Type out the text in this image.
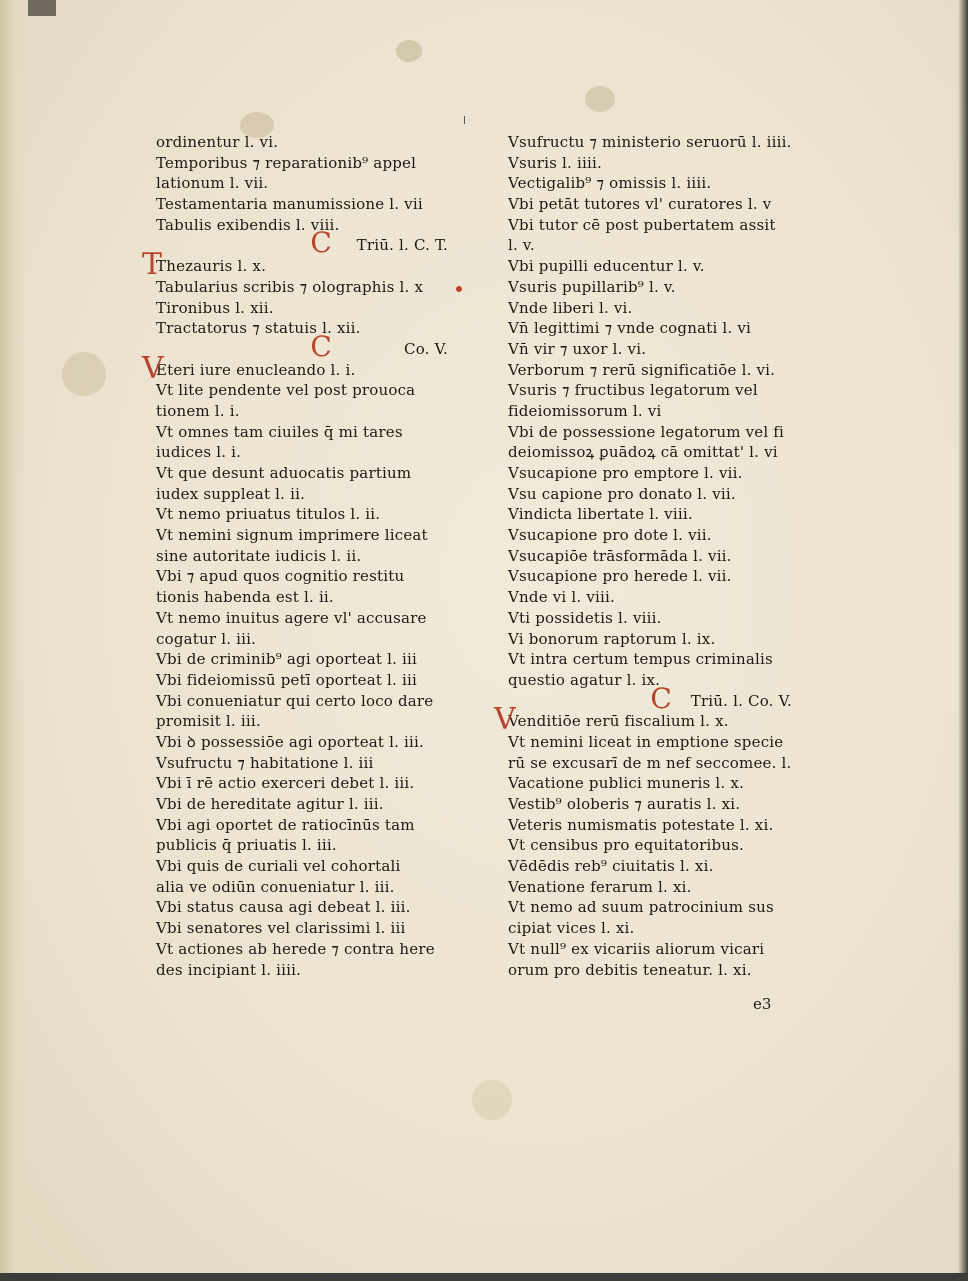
ordinentur l. vi.
Temporibus ⁊ reparationib⁹ appel
lationum l. vii.
Testamentaria manumissione l. vii
Tabulis exibendis l. viii.
C Triū. l. C. T.
T
Thezauris l. x.
Tabularius scribis ⁊ olographis l. x
Tironibus l. xii.
Tractatorus ⁊ statuis l. xii.
C	Co. V.
V
Eteri iure enucleando l. i.
Vt lite pendente vel post prouoca
tionem l. i.
Vt omnes tam ciuiles q̄ mi tares
iudices l. i.
Vt que desunt aduocatis partium
iudex suppleat l. ii.
Vt nemo priuatus titulos l. ii.
Vt nemini signum imprimere liceat
sine autoritate iudicis l. ii.
Vbi ⁊ apud quos cognitio restitu
tionis habenda est l. ii.
Vt nemo inuitus agere vl' accusare
cogatur l. iii.
Vbi de criminib⁹ agi oporteat l. iii
Vbi fideiomissū petī oporteat l. iii
Vbi conueniatur qui certo loco dare
promisit l. iii.
Vbi ꝺ possessiōe agi oporteat l. iii.
Vsufructu ⁊ habitatione l. iii
Vbi ī rē actio exerceri debet l. iii.
Vbi de hereditate agitur l. iii.
Vbi agi oportet de ratiocīnūs tam
publicis q̄ priuatis l. iii.
Vbi quis de curiali vel cohortali
alia ve odiūn conueniatur l. iii.
Vbi status causa agi debeat l. iii.
Vbi senatores vel clarissimi l. iii
Vt actiones ab herede ⁊ contra here
des incipiant l. iiii.
Vsufructu ⁊ ministerio seruorū l. iiii.
Vsuris l. iiii.
Vectigalib⁹ ⁊ omissis l. iiii.
Vbi petāt tutores vl' curatores l. v
Vbi tutor cē post pubertatem assit
l. v.
Vbi pupilli educentur l. v.
Vsuris pupillarib⁹ l. v.
Vnde liberi l. vi.
Vn̄ legittimi ⁊ vnde cognati l. vi
Vn̄ vir ⁊ uxor l. vi.
Verborum ⁊ rerū significatiōe l. vi.
Vsuris ⁊ fructibus legatorum vel
fideiomissorum l. vi
Vbi de possessione legatorum vel fi
deiomissoꝝ ꝑuādoꝝ cā omittat' l. vi
Vsucapione pro emptore l. vii.
Vsu capione pro donato l. vii.
Vindicta libertate l. viii.
Vsucapione pro dote l. vii.
Vsucapiōe trāsformāda l. vii.
Vsucapione pro herede l. vii.
Vnde vi l. viii.
Vti possidetis l. viii.
Vi bonorum raptorum l. ix.
Vt intra certum tempus criminalis
questio agatur l. ix.
C Triū. l. Co. V.
V
Venditiōe rerū fiscalium l. x.
Vt nemini liceat in emptione specie
rū se excusarī de m nef seccomee. l.
Vacatione publici muneris l. x.
Vestib⁹ oloberis ⁊ auratis l. xi.
Veteris numismatis potestate l. xi.
Vt censibus pro equitatoribus.
Vēdēdis reb⁹ ciuitatis l. xi.
Venatione ferarum l. xi.
Vt nemo ad suum patrocinium sus
cipiat vices l. xi.
Vt null⁹ ex vicariis aliorum vicari
orum pro debitis teneatur. l. xi.
e3
